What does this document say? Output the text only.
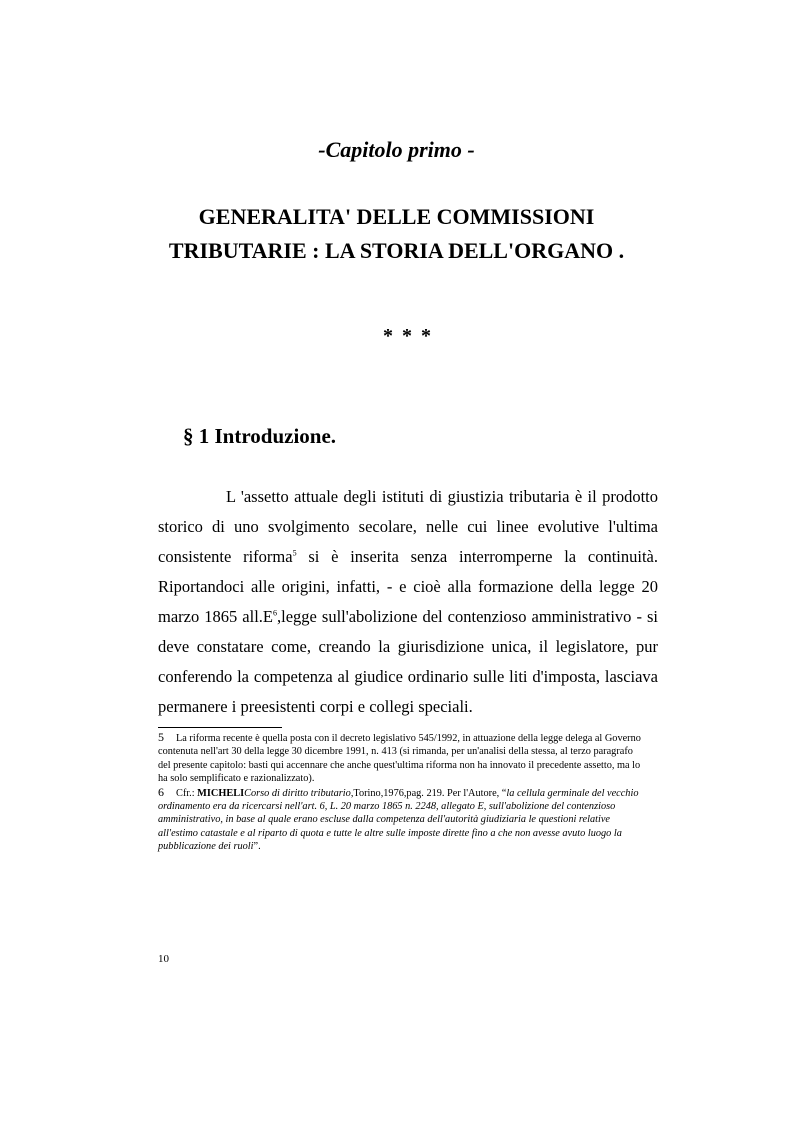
-Capitolo primo -
GENERALITA' DELLE COMMISSIONI
TRIBUTARIE : LA STORIA DELL'ORGANO .
* * *
§ 1 Introduzione.

L 'assetto attuale degli istituti di giustizia tributaria è il prodotto storico di uno svolgimento secolare, nelle cui linee evolutive l'ultima consistente riforma$^5$ si è inserita senza interromperne la continuità. Riportandoci alle origini, infatti, - e cioè alla formazione della legge 20 marzo 1865 $all.E^6,legge$ sull'abolizione del contenzioso amministrativo - si deve constatare come, creando la giurisdizione unica, il legislatore, pur conferendo la competenza al giudice ordinario sulle liti d'imposta, lasciava permanere i preesistenti corpi e collegi speciali.

5 La riforma recente è quella posta con il decreto legislativo 545/1992, in attuazione della legge delega al Governo contenuta nell'art 30 della legge 30 dicembre 1991, n. 413 (si rimanda, per un'analisi della stessa, al terzo paragrafo del presente capitolo: basti qui accennare che anche quest'ultima riforma non ha innovato il precedente assetto, ma lo ha solo semplificato e razionalizzato).

6 Cfr.: MICHELICorso di diritto tributario,Torino,1976,pag. 219. Per l'Autore, “la cellula germinale del vecchio ordinamento era da ricercarsi nell'art. 6, L. 20 marzo 1865 n. 2248, allegato E, sull'abolizione del contenzioso amministrativo, in base al quale erano escluse dalla competenza dell'autorità giudiziaria le questioni relative all'estimo catastale e al riparto di quota e tutte le altre sulle imposte dirette fino a che non avesse avuto luogo la pubblicazione dei ruoli”.

10
